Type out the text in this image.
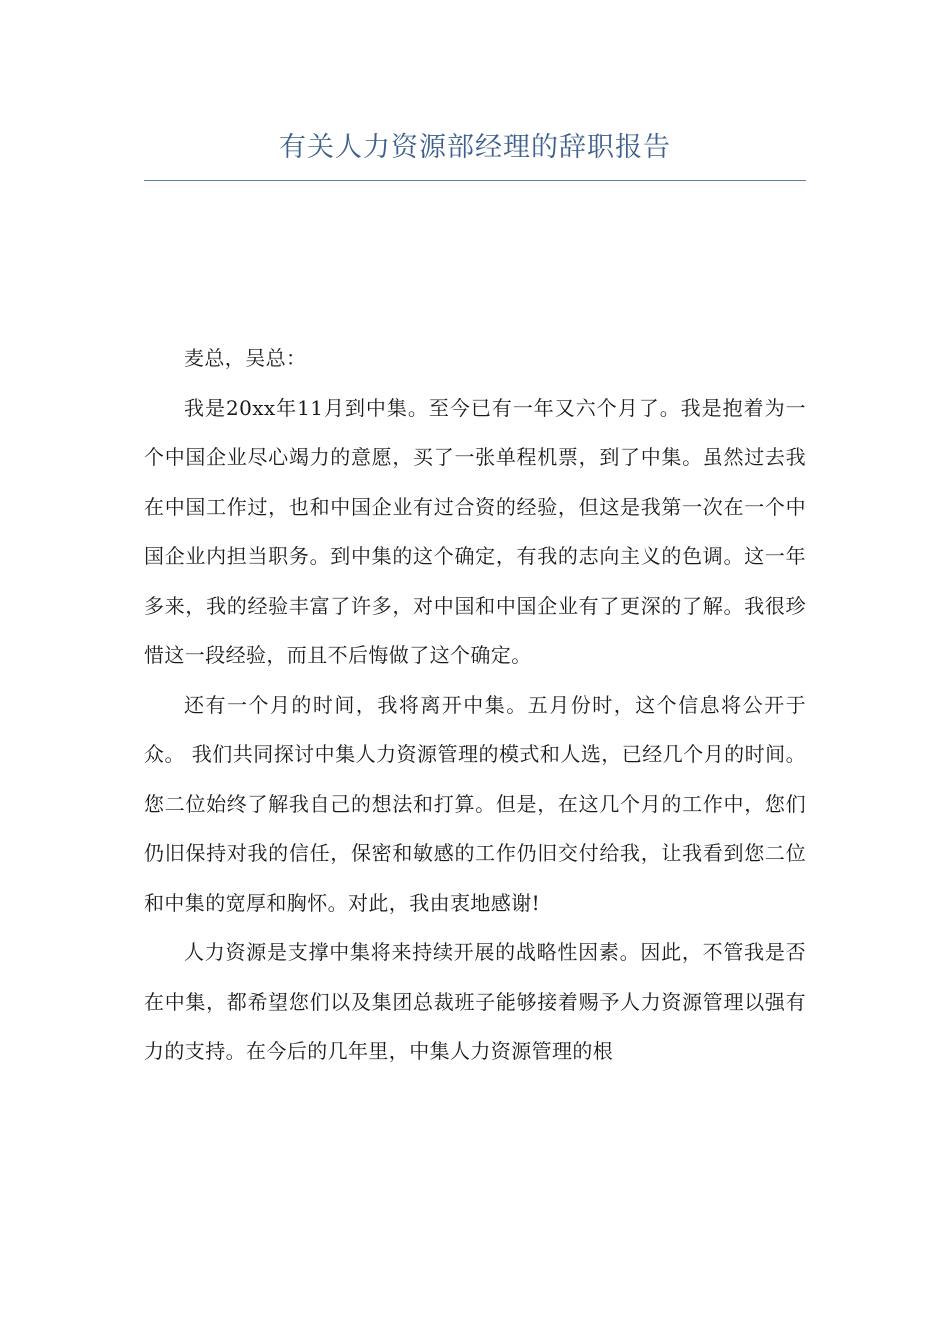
有关人力资源部经理的辞职报告

麦总，吴总：

我是20xx年11月到中集。至今已有一年又六个月了。我是抱着为一个中国企业尽心竭力的意愿，买了一张单程机票，到了中集。虽然过去我在中国工作过，也和中国企业有过合资的经验，但这是我第一次在一个中国企业内担当职务。到中集的这个确定，有我的志向主义的色调。这一年多来，我的经验丰富了许多，对中国和中国企业有了更深的了解。我很珍惜这一段经验，而且不后悔做了这个确定。

还有一个月的时间，我将离开中集。五月份时，这个信息将公开于众。 我们共同探讨中集人力资源管理的模式和人选，已经几个月的时间。您二位始终了解我自己的想法和打算。但是，在这几个月的工作中，您们仍旧保持对我的信任，保密和敏感的工作仍旧交付给我，让我看到您二位和中集的宽厚和胸怀。对此，我由衷地感谢!

人力资源是支撑中集将来持续开展的战略性因素。因此，不管我是否在中集，都希望您们以及集团总裁班子能够接着赐予人力资源管理以强有力的支持。在今后的几年里，中集人力资源管理的根
